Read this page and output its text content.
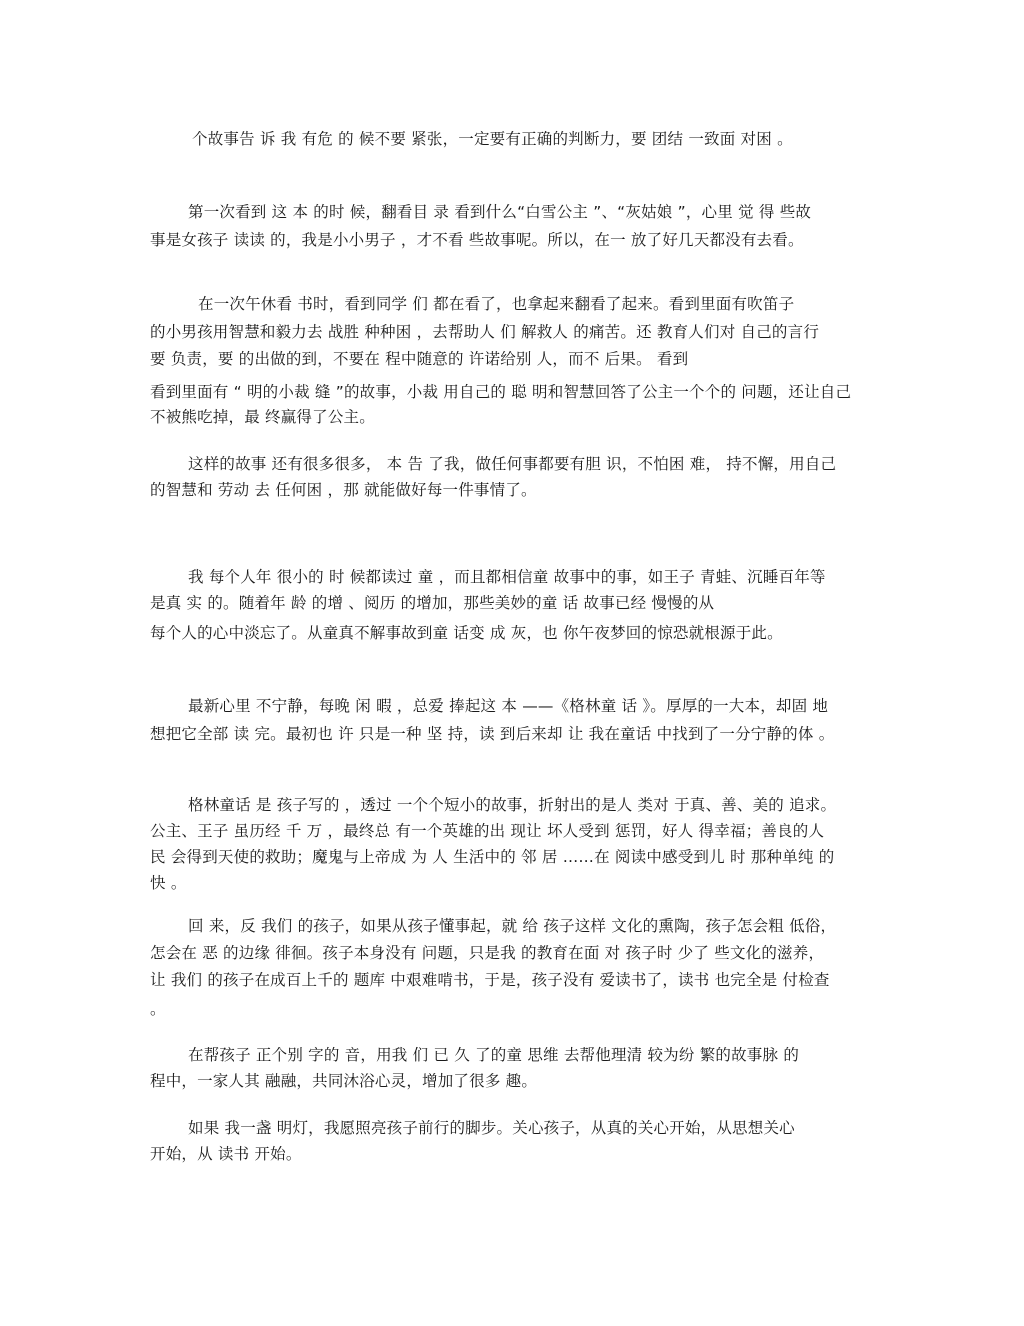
个故事告 诉 我 有危 的 候不要 紧张，一定要有正确的判断力，要 团结 一致面 对困 。
第一次看到 这 本 的时 候，翻看目 录 看到什么“白雪公主 ”、“灰姑娘 ”，心里 觉 得 些故
事是女孩子 读读 的，我是小小男子 ，才不看 些故事呢。所以，在一 放了好几天都没有去看。
在一次午休看 书时，看到同学 们 都在看了，也拿起来翻看了起来。看到里面有吹笛子
的小男孩用智慧和毅力去 战胜 种种困 ，去帮助人 们 解救人 的痛苦。还 教育人们对 自己的言行
要 负责，要 的出做的到，不要在 程中随意的 许诺给别 人，而不 后果。 看到
看到里面有 “ 明的小裁 缝 ”的故事，小裁 用自己的 聪 明和智慧回答了公主一个个的 问题，还让自己
不被熊吃掉，最 终赢得了公主。
这样的故事 还有很多很多， 本 告 了我，做任何事都要有胆 识，不怕困 难， 持不懈，用自己
的智慧和 劳动 去 任何困 ，那 就能做好每一件事情了。
我 每个人年 很小的 时 候都读过 童 ，而且都相信童 故事中的事，如王子 青蛙、沉睡百年等
是真 实 的。随着年 龄 的增 、阅历 的增加，那些美妙的童 话 故事已经 慢慢的从
每个人的心中淡忘了。从童真不解事故到童 话变 成 灰，也 你午夜梦回的惊恐就根源于此。
最新心里 不宁静，每晚 闲 暇 ，总爱 捧起这 本 ——《格林童 话 》。厚厚的一大本，却固 地
想把它全部 读 完。最初也 许 只是一种 坚 持，读 到后来却 让 我在童话 中找到了一分宁静的体 。
格林童话 是 孩子写的 ，透过 一个个短小的故事，折射出的是人 类对 于真、善、美的 追求。
公主、王子 虽历经 千 万 ，最终总 有一个英雄的出 现让 坏人受到 惩罚，好人 得幸福；善良的人
民 会得到天使的救助；魔鬼与上帝成 为 人 生活中的 邻 居 ……在 阅读中感受到儿 时 那种单纯 的
快 。
回 来，反 我们 的孩子，如果从孩子懂事起，就 给 孩子这样 文化的熏陶，孩子怎会粗 低俗，
怎会在 恶 的边缘 徘徊。孩子本身没有 问题，只是我 的教育在面 对 孩子时 少了 些文化的滋养，
让 我们 的孩子在成百上千的 题库 中艰难啃书，于是，孩子没有 爱读书了，读书 也完全是 付检查
。
在帮孩子 正个别 字的 音，用我 们 已 久 了的童 思维 去帮他理清 较为纷 繁的故事脉 的
程中，一家人其 融融，共同沐浴心灵，增加了很多 趣。
如果 我一盏 明灯，我愿照亮孩子前行的脚步。关心孩子，从真的关心开始，从思想关心
开始，从 读书 开始。
